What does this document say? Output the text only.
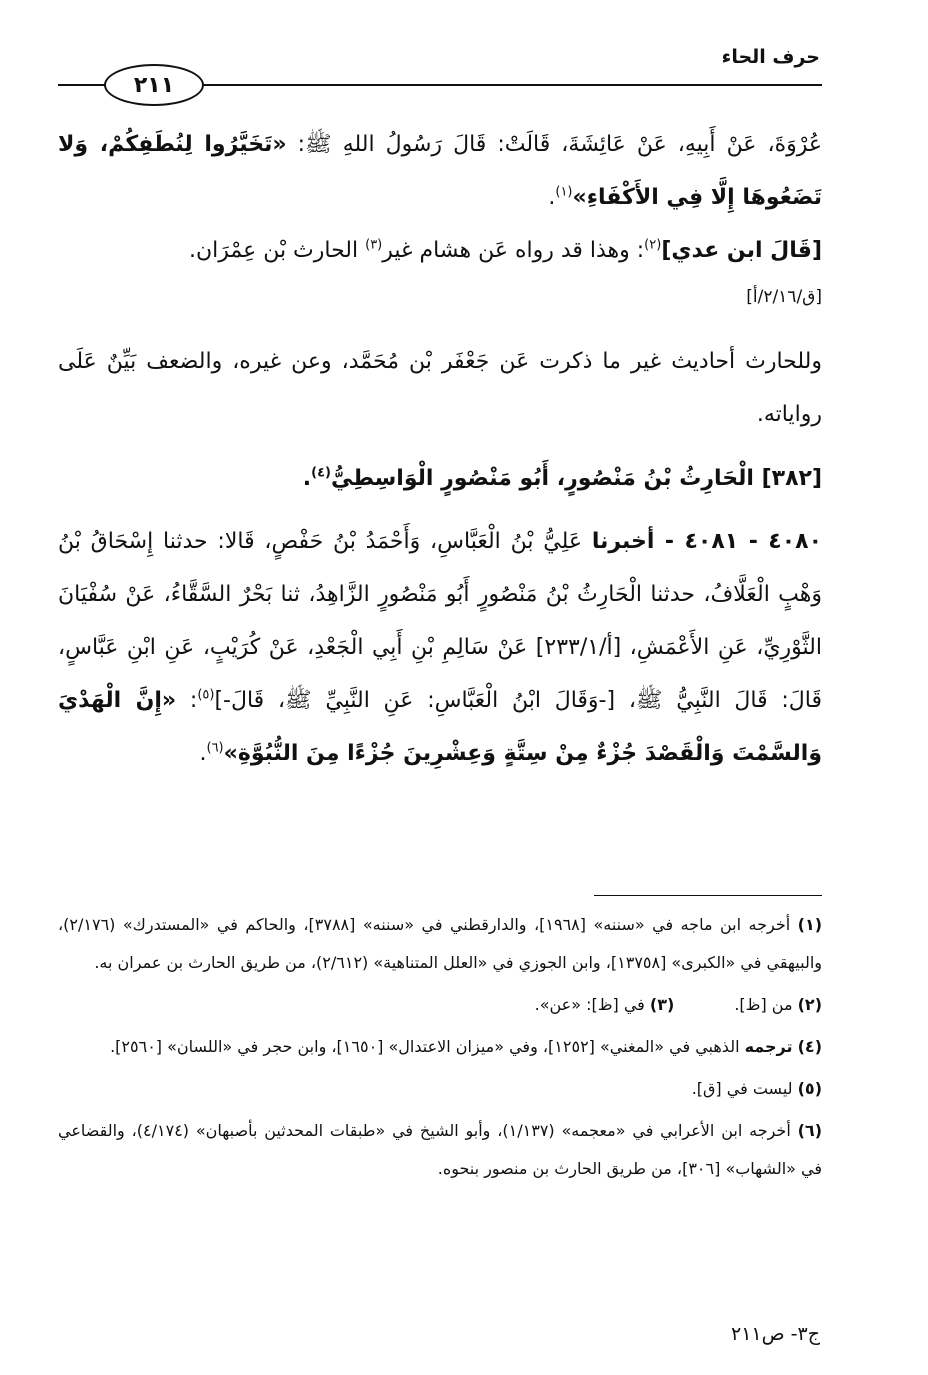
حرف الحاء

٢١١

عُرْوَةَ، عَنْ أَبِيهِ، عَنْ عَائِشَةَ، قَالَتْ: قَالَ رَسُولُ اللهِ ﷺ: «تَخَيَّرُوا لِنُطَفِكُمْ، وَلا تَضَعُوهَا إِلَّا فِي الأَكْفَاءِ»$^{(١)}$.

[قَالَ ابن عدي]$^{(٢)}$: وهذا قد رواه عَن هشام غير$^{(٣)}$ الحارث بْن عِمْرَان.

[ق/٢/١٦/أ]

وللحارث أحاديث غير ما ذكرت عَن جَعْفَر بْن مُحَمَّد، وعن غيره، والضعف بَيِّنٌ عَلَى رواياته.

[٣٨٢] الْحَارِثُ بْنُ مَنْصُورٍ، أَبُو مَنْصُورٍ الْوَاسِطِيُّ$^{(٤)}$.

٤٠٨٠ - ٤٠٨١ - أخبرنا عَلِيُّ بْنُ الْعَبَّاسِ، وَأَحْمَدُ بْنُ حَفْصٍ، قَالا: حدثنا إِسْحَاقُ بْنُ وَهْبٍ الْعَلَّافُ، حدثنا الْحَارِثُ بْنُ مَنْصُورٍ أَبُو مَنْصُورٍ الزَّاهِدُ، ثنا بَحْرٌ السَّقَّاءُ، عَنْ سُفْيَانَ الثَّوْرِيِّ، عَنِ الأَعْمَشِ، [أ/٢٣٣/١] عَنْ سَالِمِ بْنِ أَبِي الْجَعْدِ، عَنْ كُرَيْبٍ، عَنِ ابْنِ عَبَّاسٍ، قَالَ: قَالَ النَّبِيُّ ﷺ، [-وَقَالَ ابْنُ الْعَبَّاسِ: عَنِ النَّبِيِّ ﷺ، قَالَ-]$^{(٥)}$: «إِنَّ الْهَدْيَ وَالسَّمْتَ وَالْقَصْدَ جُزْءٌ مِنْ سِتَّةٍ وَعِشْرِينَ جُزْءًا مِنَ النُّبُوَّةِ»$^{(٦)}$.

(١) أخرجه ابن ماجه في «سننه» [١٩٦٨]، والدارقطني في «سننه» [٣٧٨٨]، والحاكم في «المستدرك» (٢/١٧٦)، والبيهقي في «الكبرى» [١٣٧٥٨]، وابن الجوزي في «العلل المتناهية» (٢/٦١٢)، من طريق الحارث بن عمران به.

(٢) من [ظ].

(٣) في [ظ]: «عن».

(٤) ترجمه الذهبي في «المغني» [١٢٥٢]، وفي «ميزان الاعتدال» [١٦٥٠]، وابن حجر في «اللسان» [٢٥٦٠].

(٥) ليست في [ق].

(٦) أخرجه ابن الأعرابي في «معجمه» (١/١٣٧)، وأبو الشيخ في «طبقات المحدثين بأصبهان» (٤/١٧٤)، والقضاعي في «الشهاب» [٣٠٦]، من طريق الحارث بن منصور بنحوه.

ج٣- ص٢١١
